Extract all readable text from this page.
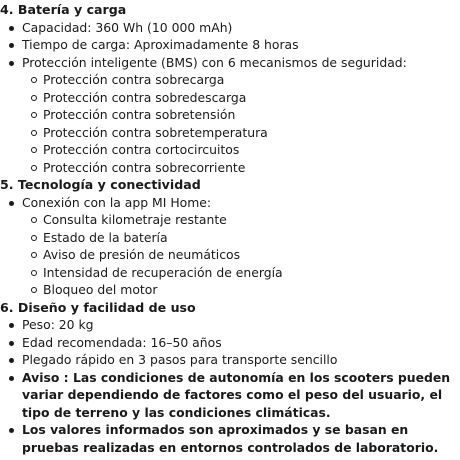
4. Batería y carga
Capacidad: 360 Wh (10 000 mAh)
Tiempo de carga: Aproximadamente 8 horas
Protección inteligente (BMS) con 6 mecanismos de seguridad:
Protección contra sobrecarga
Protección contra sobredescarga
Protección contra sobretensión
Protección contra sobretemperatura
Protección contra cortocircuitos
Protección contra sobrecorriente
5. Tecnología y conectividad
Conexión con la app MI Home:
Consulta kilometraje restante
Estado de la batería
Aviso de presión de neumáticos
Intensidad de recuperación de energía
Bloqueo del motor
6. Diseño y facilidad de uso
Peso: 20 kg
Edad recomendada: 16–50 años
Plegado rápido en 3 pasos para transporte sencillo
Aviso : Las condiciones de autonomía en los scooters pueden variar dependiendo de factores como el peso del usuario, el tipo de terreno y las condiciones climáticas.
Los valores informados son aproximados y se basan en pruebas realizadas en entornos controlados de laboratorio.
